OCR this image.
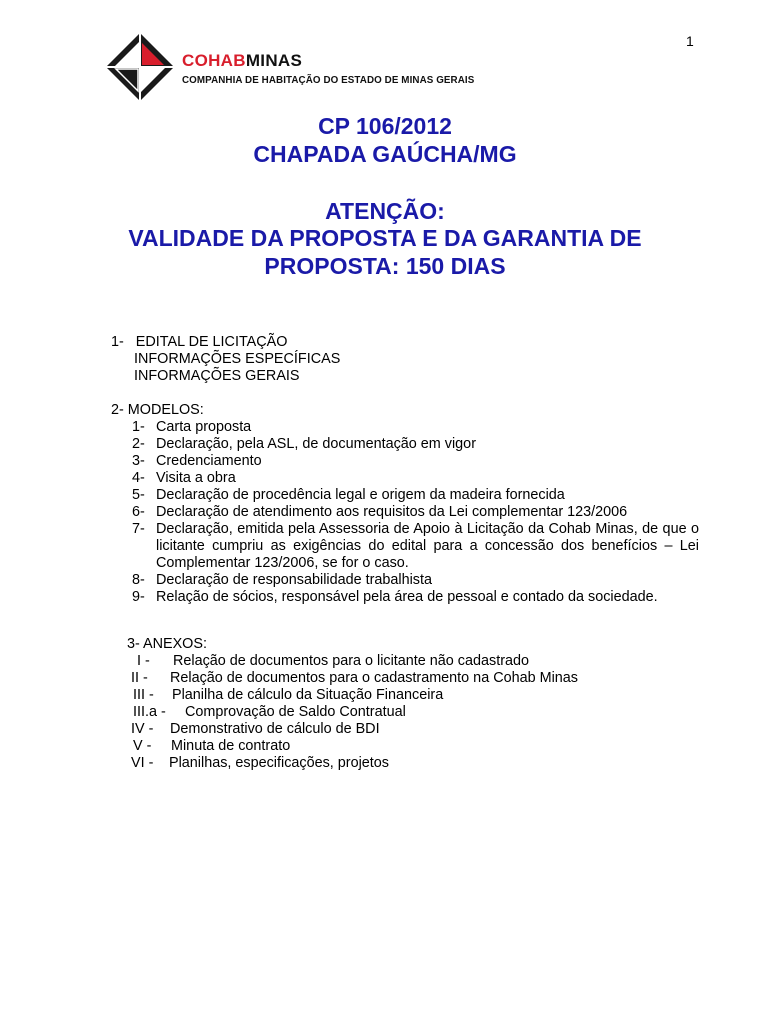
1
COHABMINAS
COMPANHIA DE HABITAÇÃO DO ESTADO DE MINAS GERAIS
CP 106/2012
CHAPADA GAÚCHA/MG
ATENÇÃO:
VALIDADE DA PROPOSTA E DA GARANTIA DE
PROPOSTA: 150 DIAS
1-   EDITAL DE LICITAÇÃO
INFORMAÇÕES ESPECÍFICAS
INFORMAÇÕES GERAIS
2- MODELOS:
1- Carta proposta
2- Declaração, pela ASL, de documentação em vigor
3- Credenciamento
4- Visita a obra
5- Declaração de procedência legal e origem da madeira fornecida
6- Declaração de atendimento aos requisitos da Lei complementar 123/2006
7- Declaração, emitida pela Assessoria de Apoio à Licitação da Cohab Minas, de que o licitante cumpriu as exigências do edital para a concessão dos benefícios – Lei Complementar 123/2006, se for o caso.
8- Declaração de responsabilidade trabalhista
9- Relação de sócios, responsável pela área de pessoal e contado da sociedade.
3- ANEXOS:
I - Relação de documentos para o licitante não cadastrado
II - Relação de documentos para o cadastramento na Cohab Minas
III - Planilha de cálculo da Situação Financeira
III.a - Comprovação de Saldo Contratual
IV - Demonstrativo de cálculo de BDI
V - Minuta de contrato
VI - Planilhas, especificações, projetos
